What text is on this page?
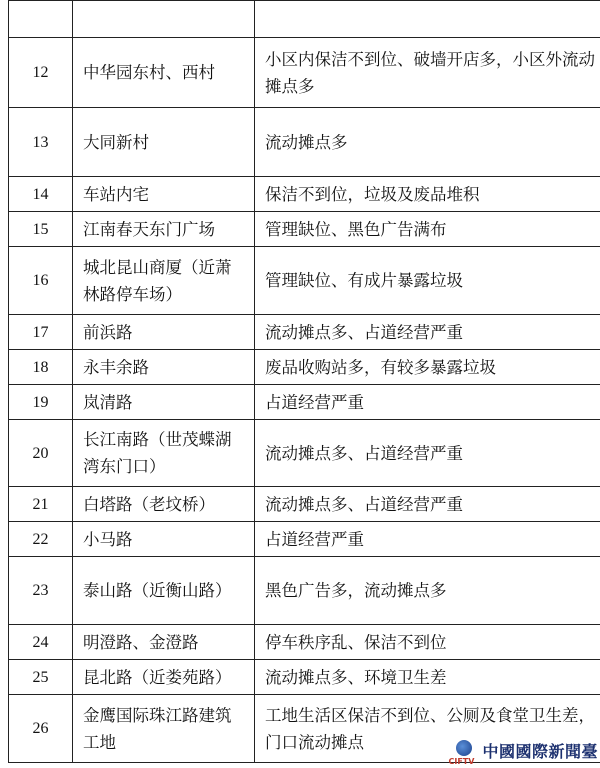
12	中华园东村、西村	小区内保洁不到位、破墙开店多，小区外流动摊点多
13	大同新村	流动摊点多
14	车站内宅	保洁不到位，垃圾及废品堆积
15	江南春天东门广场	管理缺位、黑色广告满布
16	城北昆山商厦（近萧林路停车场）	管理缺位、有成片暴露垃圾
17	前浜路	流动摊点多、占道经营严重
18	永丰余路	废品收购站多，有较多暴露垃圾
19	岚清路	占道经营严重
20	长江南路（世茂蝶湖湾东门口）	流动摊点多、占道经营严重
21	白塔路（老坟桥）	流动摊点多、占道经营严重
22	小马路	占道经营严重
23	泰山路（近衡山路）	黑色广告多，流动摊点多
24	明澄路、金澄路	停车秩序乱、保洁不到位
25	昆北路（近娄苑路）	流动摊点多、环境卫生差
26	金鹰国际珠江路建筑工地	工地生活区保洁不到位、公厕及食堂卫生差，门口流动摊点
CIFTV 中國國際新聞臺
